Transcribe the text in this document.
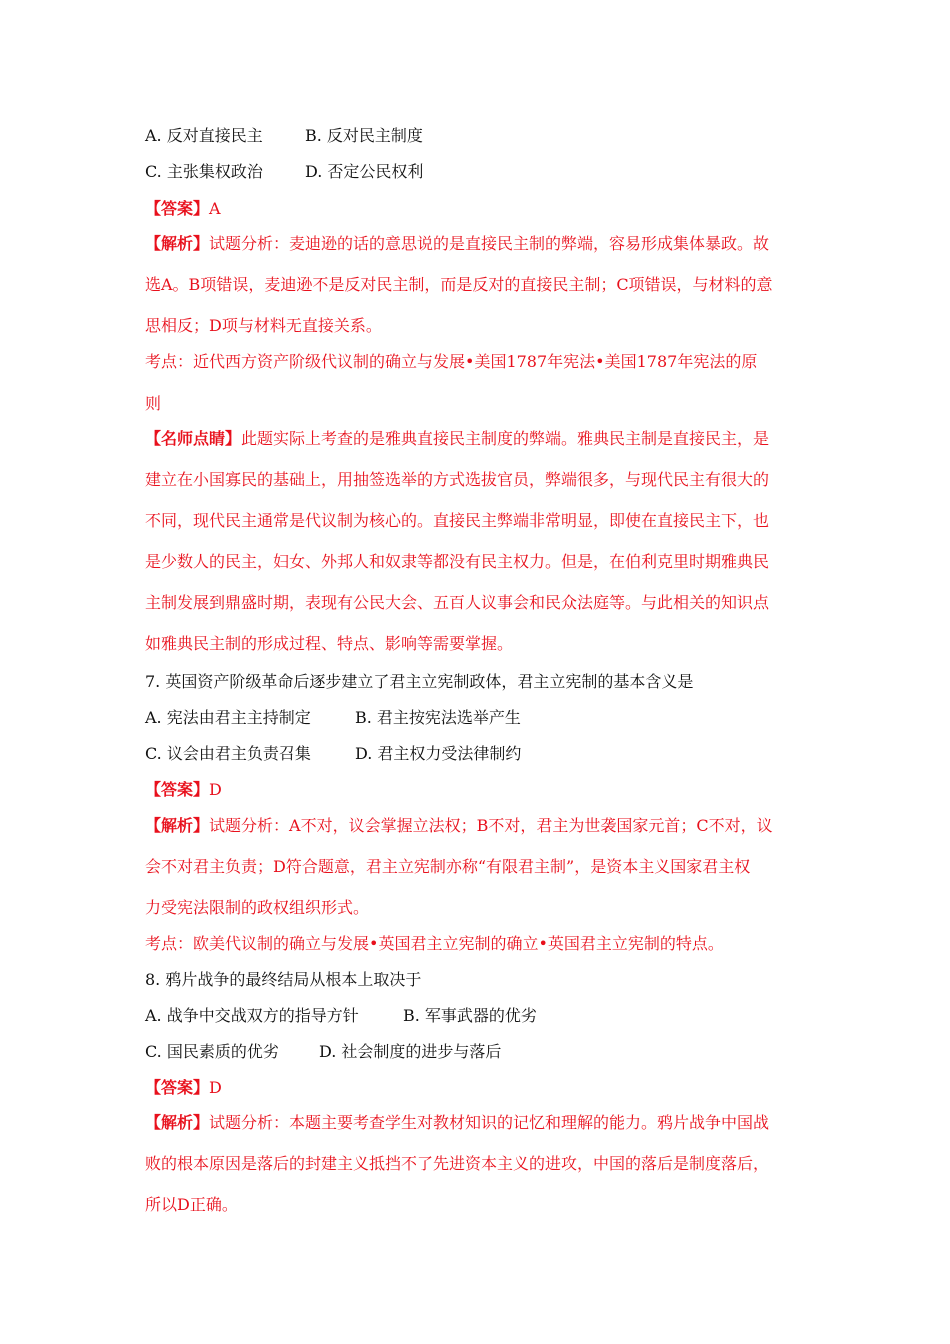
A. 反对直接民主	B. 反对民主制度
C. 主张集权政治	D. 否定公民权利
【答案】A
【解析】试题分析：麦迪逊的话的意思说的是直接民主制的弊端，容易形成集体暴政。故
选A。B项错误，麦迪逊不是反对民主制，而是反对的直接民主制；C项错误，与材料的意
思相反；D项与材料无直接关系。
考点：近代西方资产阶级代议制的确立与发展•美国1787年宪法•美国1787年宪法的原
则
【名师点睛】此题实际上考查的是雅典直接民主制度的弊端。雅典民主制是直接民主，是
建立在小国寡民的基础上，用抽签选举的方式选拔官员，弊端很多，与现代民主有很大的
不同，现代民主通常是代议制为核心的。直接民主弊端非常明显，即使在直接民主下，也
是少数人的民主，妇女、外邦人和奴隶等都没有民主权力。但是，在伯利克里时期雅典民
主制发展到鼎盛时期，表现有公民大会、五百人议事会和民众法庭等。与此相关的知识点
如雅典民主制的形成过程、特点、影响等需要掌握。
7. 英国资产阶级革命后逐步建立了君主立宪制政体，君主立宪制的基本含义是
A. 宪法由君主主持制定	B. 君主按宪法选举产生
C. 议会由君主负责召集	D. 君主权力受法律制约
【答案】D
【解析】试题分析：A不对，议会掌握立法权；B不对，君主为世袭国家元首；C不对，议
会不对君主负责；D符合题意，君主立宪制亦称“有限君主制”，是资本主义国家君主权
力受宪法限制的政权组织形式。
考点：欧美代议制的确立与发展•英国君主立宪制的确立•英国君主立宪制的特点。
8. 鸦片战争的最终结局从根本上取决于
A. 战争中交战双方的指导方针	B. 军事武器的优劣
C. 国民素质的优劣	D. 社会制度的进步与落后
【答案】D
【解析】试题分析：本题主要考查学生对教材知识的记忆和理解的能力。鸦片战争中国战
败的根本原因是落后的封建主义抵挡不了先进资本主义的进攻，中国的落后是制度落后，
所以D正确。
